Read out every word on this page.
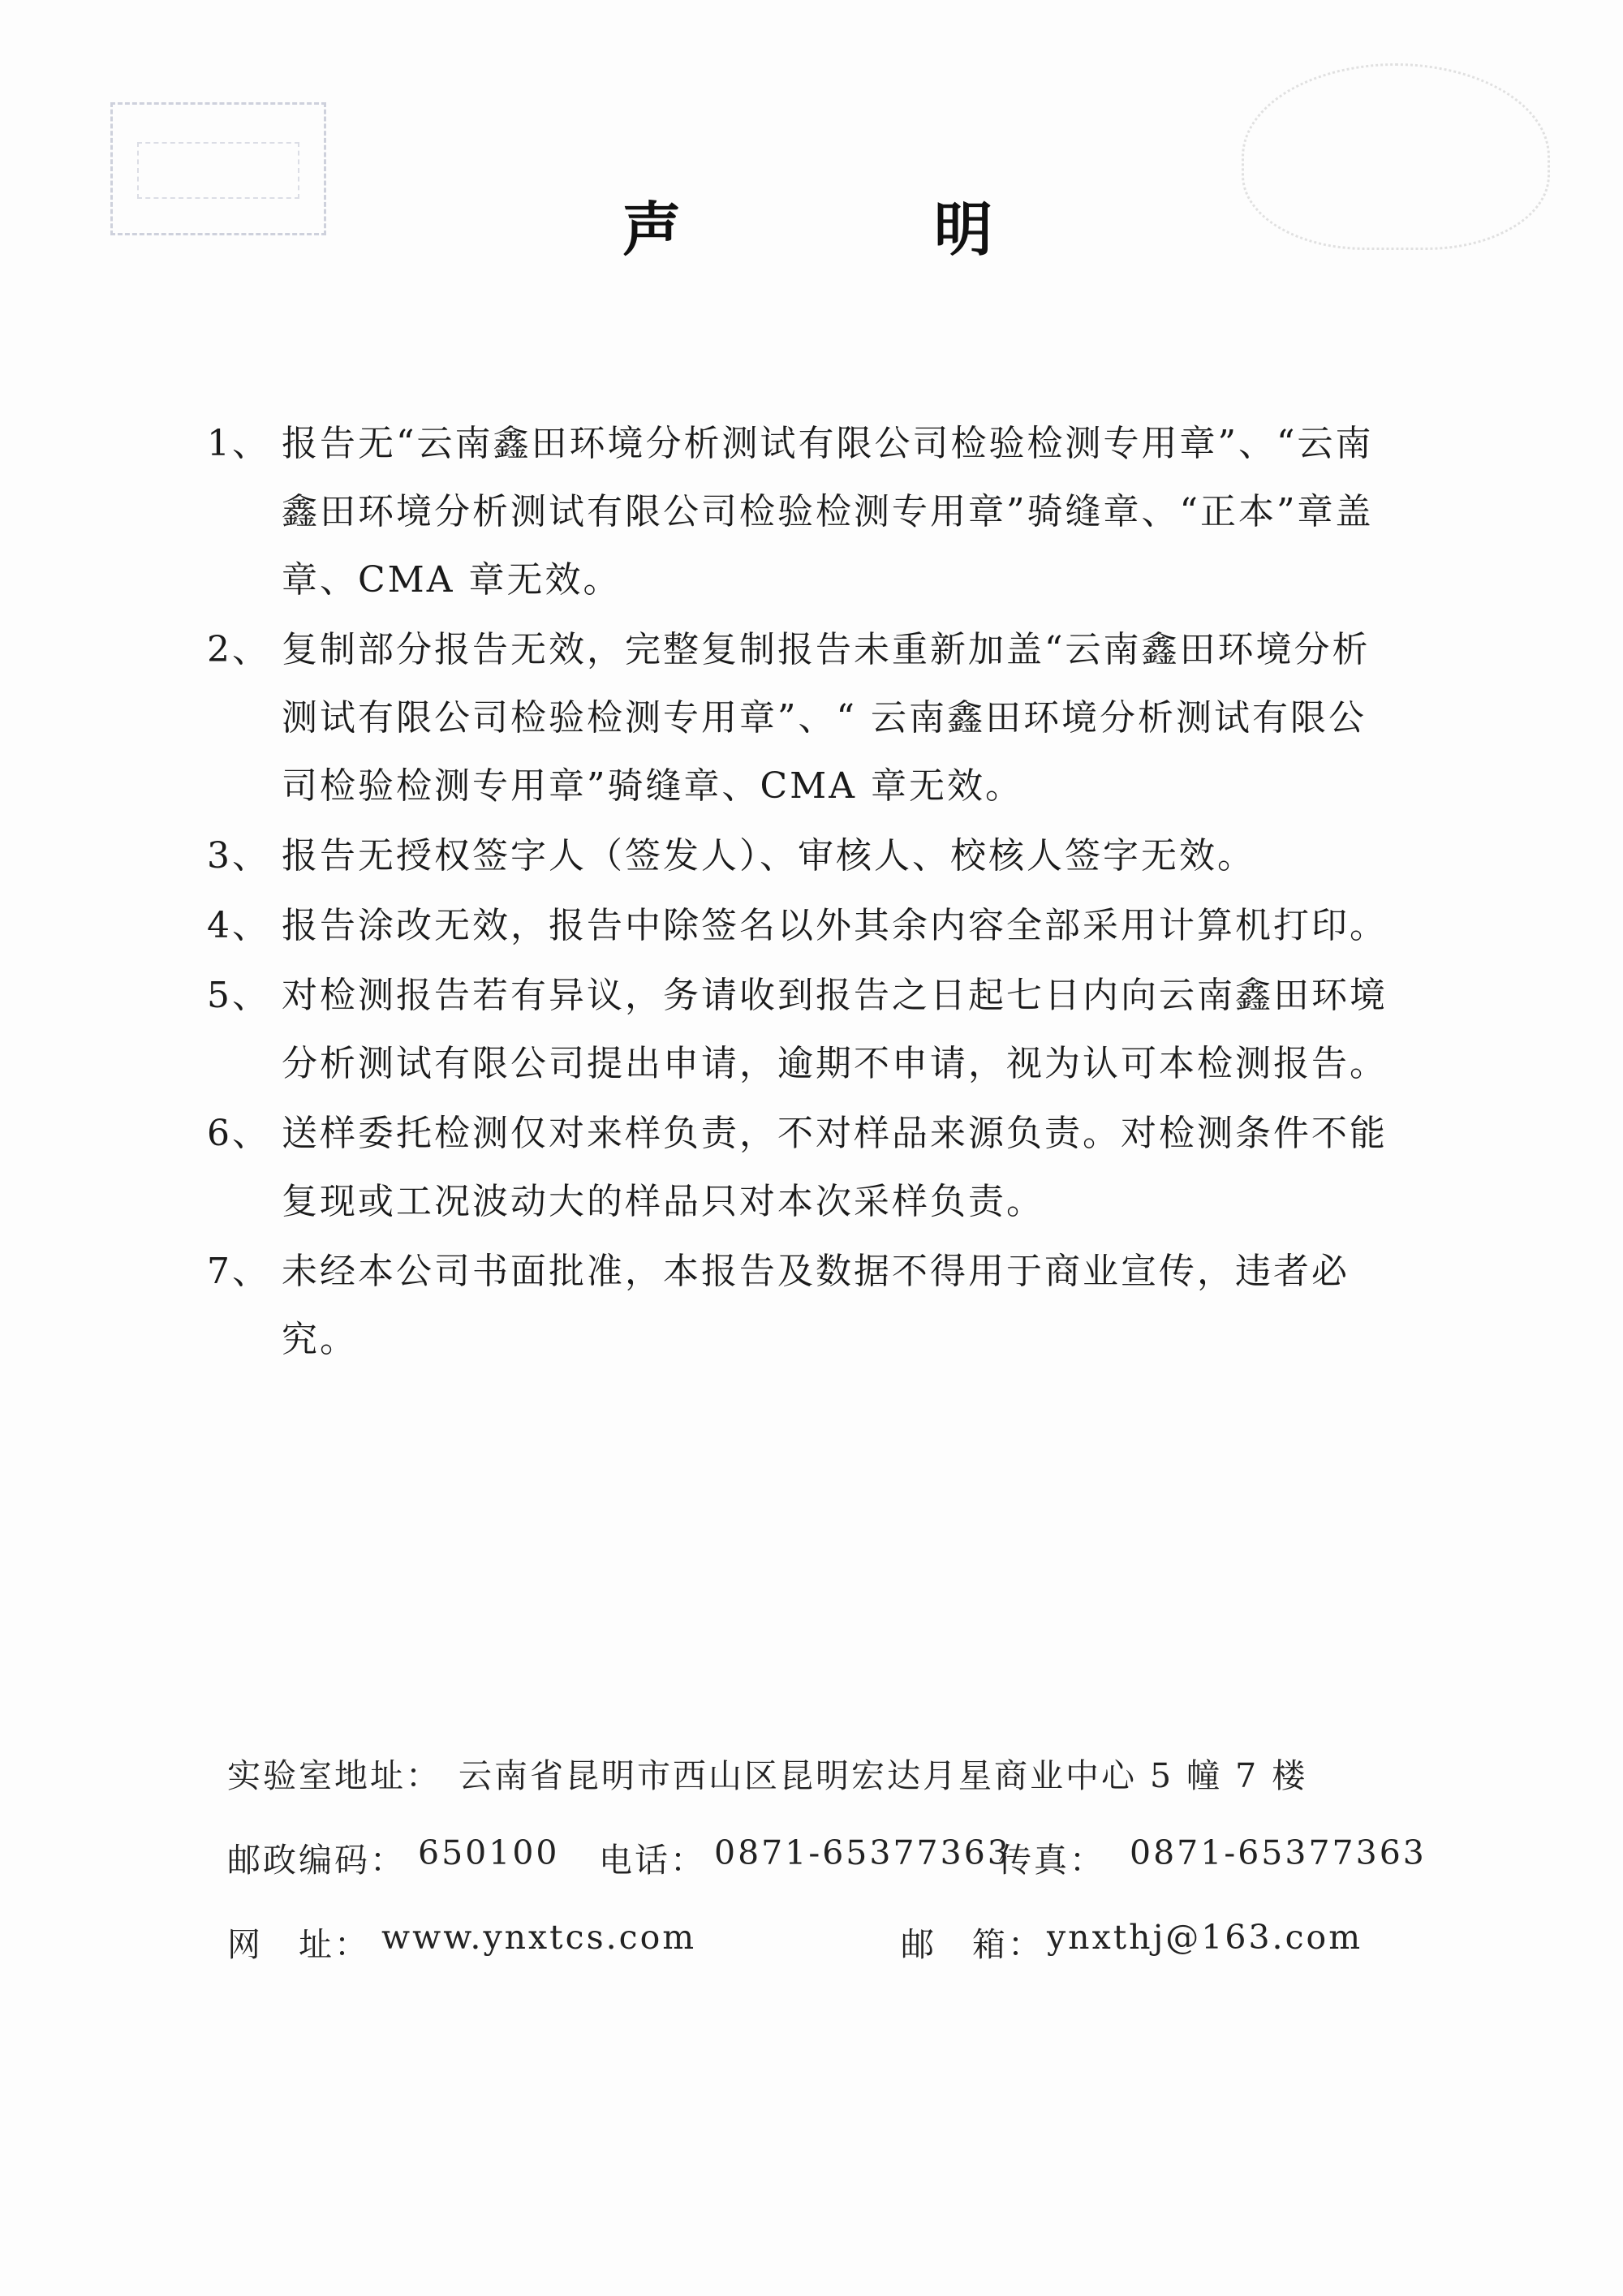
声　明

1、 报告无“云南鑫田环境分析测试有限公司检验检测专用章”、“云南鑫田环境分析测试有限公司检验检测专用章”骑缝章、“正本”章盖章、CMA 章无效。

2、 复制部分报告无效，完整复制报告未重新加盖“云南鑫田环境分析测试有限公司检验检测专用章”、“ 云南鑫田环境分析测试有限公司检验检测专用章”骑缝章、CMA 章无效。

3、 报告无授权签字人（签发人）、审核人、校核人签字无效。

4、 报告涂改无效，报告中除签名以外其余内容全部采用计算机打印。

5、 对检测报告若有异议，务请收到报告之日起七日内向云南鑫田环境分析测试有限公司提出申请，逾期不申请，视为认可本检测报告。

6、 送样委托检测仅对来样负责，不对样品来源负责。对检测条件不能复现或工况波动大的样品只对本次采样负责。

7、 未经本公司书面批准，本报告及数据不得用于商业宣传，违者必究。

实验室地址： 云南省昆明市西山区昆明宏达月星商业中心 5 幢 7 楼
邮政编码： 650100 电话： 0871-65377363
传真： 0871-65377363
网　址： www.ynxtcs.com	邮　箱： ynxthj@163.com
